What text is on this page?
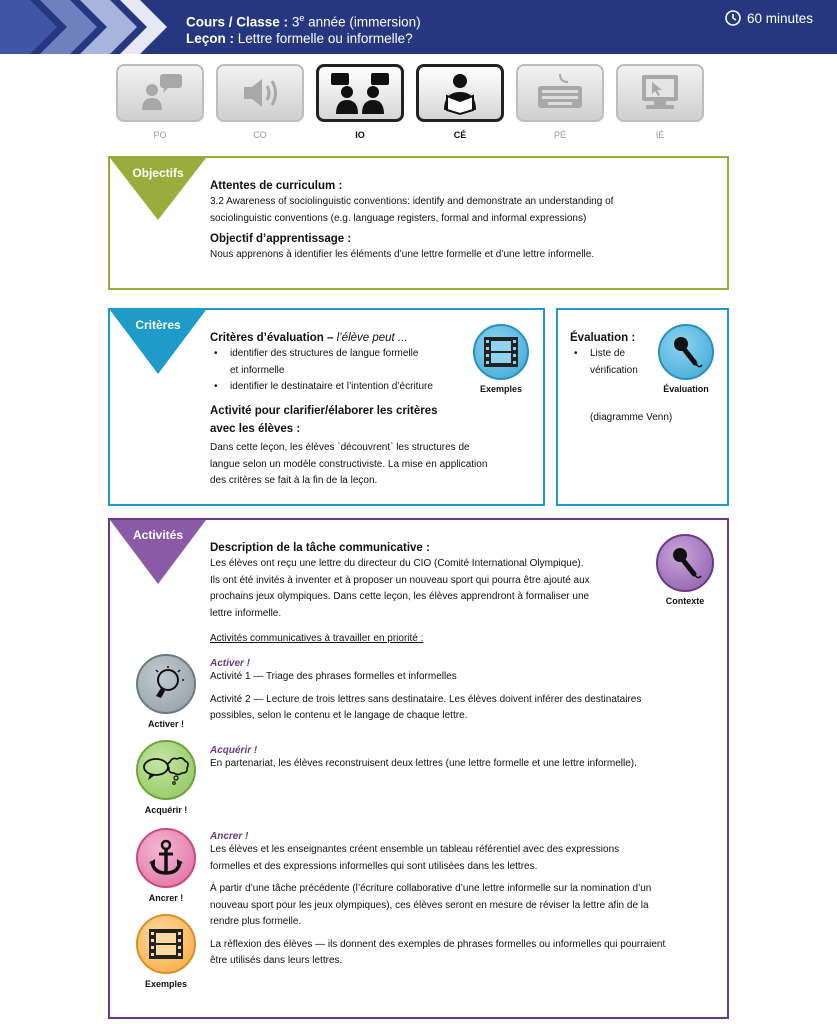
Cours / Classe : 3e année (immersion)
Leçon : Lettre formelle ou informelle?
60 minutes
PO	CO	IO	CÉ	PÉ	IÉ
Objectifs
Attentes de curriculum :
3.2 Awareness of sociolinguistic conventions: identify and demonstrate an understanding of
sociolinguistic conventions (e.g. language registers, formal and informal expressions)
Objectif d’apprentissage :
Nous apprenons à identifier les éléments d’une lettre formelle et d’une lettre informelle.
Critères
Critères d’évaluation – l’élève peut ...
• identifier des structures de langue formelle
et informelle
• identifier le destinataire et l’intention d’écriture
Activité pour clarifier/élaborer les critères
avec les élèves :
Dans cette leçon, les élèves `découvrent` les structures de
langue selon un modèle constructiviste. La mise en application
des critères se fait à la fin de la leçon.
Exemples
Évaluation :
• Liste de
vérification
(diagramme Venn)
Évaluation
Activités
Description de la tâche communicative :
Les élèves ont reçu une lettre du directeur du CIO (Comité International Olympique).
Ils ont été invités à inventer et à proposer un nouveau sport qui pourra être ajouté aux
prochains jeux olympiques. Dans cette leçon, les élèves apprendront à formaliser une
lettre informelle.
Contexte
Activités communicatives à travailler en priorité :
Activer !
Activer !
Activité 1 — Triage des phrases formelles et informelles
Activité 2 — Lecture de trois lettres sans destinataire. Les élèves doivent inférer des destinataires
possibles, selon le contenu et le langage de chaque lettre.
Acquérir !
Acquérir !
En partenariat, les élèves reconstruisent deux lettres (une lettre formelle et une lettre informelle).
Ancrer !
Ancrer !
Les élèves et les enseignantes créent ensemble un tableau référentiel avec des expressions
formelles et des expressions informelles qui sont utilisées dans les lettres.
À partir d’une tâche précédente (l’écriture collaborative d’une lettre informelle sur la nomination d’un
nouveau sport pour les jeux olympiques), ces élèves seront en mesure de réviser la lettre afin de la
rendre plus formelle.
La réflexion des élèves — ils donnent des exemples de phrases formelles ou informelles qui pourraient
être utilisés dans leurs lettres.
Exemples
